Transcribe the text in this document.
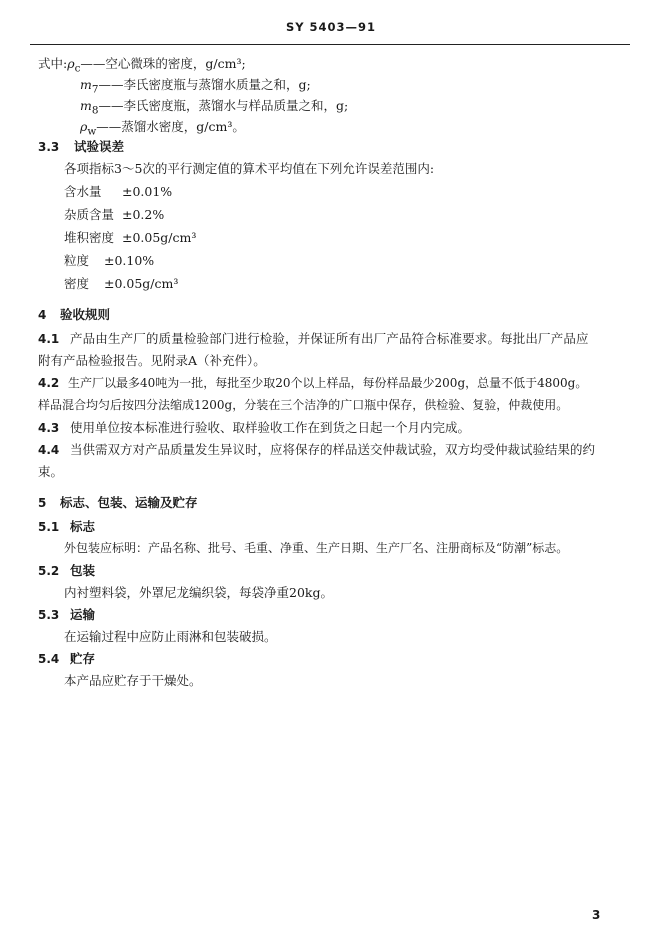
SY 5403—91
式中$:\rho_c——$空心微珠的密度，g/cm³;
$m_7——$李氏密度瓶与蒸馏水质量之和，g;
$m_8——$李氏密度瓶，蒸馏水与样品质量之和，g;
$\rho_w——$蒸馏水密度，g/cm³。
3.3 试验误差
各项指标3～5次的平行测定值的算术平均值在下列允许误差范围内:
含水量 ±0.01%
杂质含量 ±0.2%
堆积密度 ±0.05g/cm³
粒度 ±0.10%
密度 ±0.05g/cm³
4 验收规则
4.1 产品由生产厂的质量检验部门进行检验，并保证所有出厂产品符合标准要求。每批出厂产品应
附有产品检验报告。见附录A（补充件）。
4.2 生产厂以最多40吨为一批，每批至少取20个以上样品，每份样品最少200g，总量不低于4800g。
样品混合均匀后按四分法缩成1200g，分装在三个洁净的广口瓶中保存，供检验、复验，仲裁使用。
4.3 使用单位按本标准进行验收、取样验收工作在到货之日起一个月内完成。
4.4 当供需双方对产品质量发生异议时，应将保存的样品送交仲裁试验，双方均受仲裁试验结果的约
束。
5 标志、包装、运输及贮存
5.1 标志
外包装应标明：产品名称、批号、毛重、净重、生产日期、生产厂名、注册商标及“防潮”标志。
5.2 包装
内衬塑料袋，外罩尼龙编织袋，每袋净重20kg。
5.3 运输
在运输过程中应防止雨淋和包装破损。
5.4 贮存
本产品应贮存于干燥处。
3
